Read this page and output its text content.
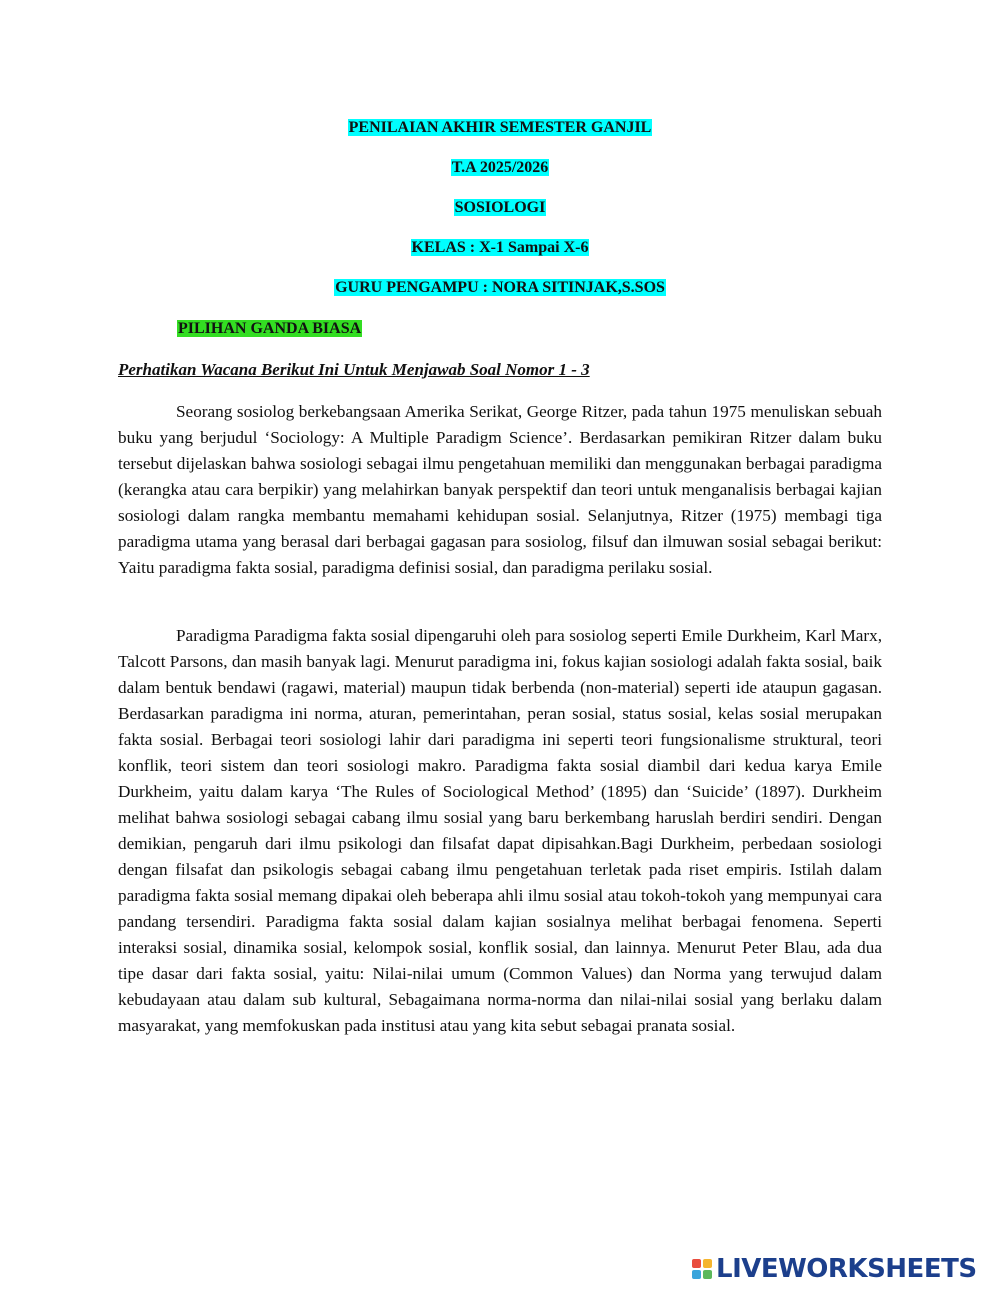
PENILAIAN AKHIR SEMESTER GANJIL
T.A 2025/2026
SOSIOLOGI
KELAS : X-1 Sampai X-6
GURU PENGAMPU : NORA SITINJAK,S.SOS
PILIHAN GANDA BIASA
Perhatikan Wacana Berikut Ini Untuk Menjawab Soal Nomor 1 - 3

Seorang sosiolog berkebangsaan Amerika Serikat, George Ritzer, pada tahun 1975 menuliskan sebuah buku yang berjudul ‘Sociology: A Multiple Paradigm Science’. Berdasarkan pemikiran Ritzer dalam buku tersebut dijelaskan bahwa sosiologi sebagai ilmu pengetahuan memiliki dan menggunakan berbagai paradigma (kerangka atau cara berpikir) yang melahirkan banyak perspektif dan teori untuk menganalisis berbagai kajian sosiologi dalam rangka membantu memahami kehidupan sosial. Selanjutnya, Ritzer (1975) membagi tiga paradigma utama yang berasal dari berbagai gagasan para sosiolog, filsuf dan ilmuwan sosial sebagai berikut: Yaitu paradigma fakta sosial, paradigma definisi sosial, dan paradigma perilaku sosial.

Paradigma Paradigma fakta sosial dipengaruhi oleh para sosiolog seperti Emile Durkheim, Karl Marx, Talcott Parsons, dan masih banyak lagi. Menurut paradigma ini, fokus kajian sosiologi adalah fakta sosial, baik dalam bentuk bendawi (ragawi, material) maupun tidak berbenda (non-material) seperti ide ataupun gagasan. Berdasarkan paradigma ini norma, aturan, pemerintahan, peran sosial, status sosial, kelas sosial merupakan fakta sosial. Berbagai teori sosiologi lahir dari paradigma ini seperti teori fungsionalisme struktural, teori konflik, teori sistem dan teori sosiologi makro. Paradigma fakta sosial diambil dari kedua karya Emile Durkheim, yaitu dalam karya ‘The Rules of Sociological Method’ (1895) dan ‘Suicide’ (1897). Durkheim melihat bahwa sosiologi sebagai cabang ilmu sosial yang baru berkembang haruslah berdiri sendiri. Dengan demikian, pengaruh dari ilmu psikologi dan filsafat dapat dipisahkan.Bagi Durkheim, perbedaan sosiologi dengan filsafat dan psikologis sebagai cabang ilmu pengetahuan terletak pada riset empiris. Istilah dalam paradigma fakta sosial memang dipakai oleh beberapa ahli ilmu sosial atau tokoh-tokoh yang mempunyai cara pandang tersendiri. Paradigma fakta sosial dalam kajian sosialnya melihat berbagai fenomena. Seperti interaksi sosial, dinamika sosial, kelompok sosial, konflik sosial, dan lainnya. Menurut Peter Blau, ada dua tipe dasar dari fakta sosial, yaitu: Nilai-nilai umum (Common Values) dan Norma yang terwujud dalam kebudayaan atau dalam sub kultural, Sebagaimana norma-norma dan nilai-nilai sosial yang berlaku dalam masyarakat, yang memfokuskan pada institusi atau yang kita sebut sebagai pranata sosial.

LIVEWORKSHEETS
